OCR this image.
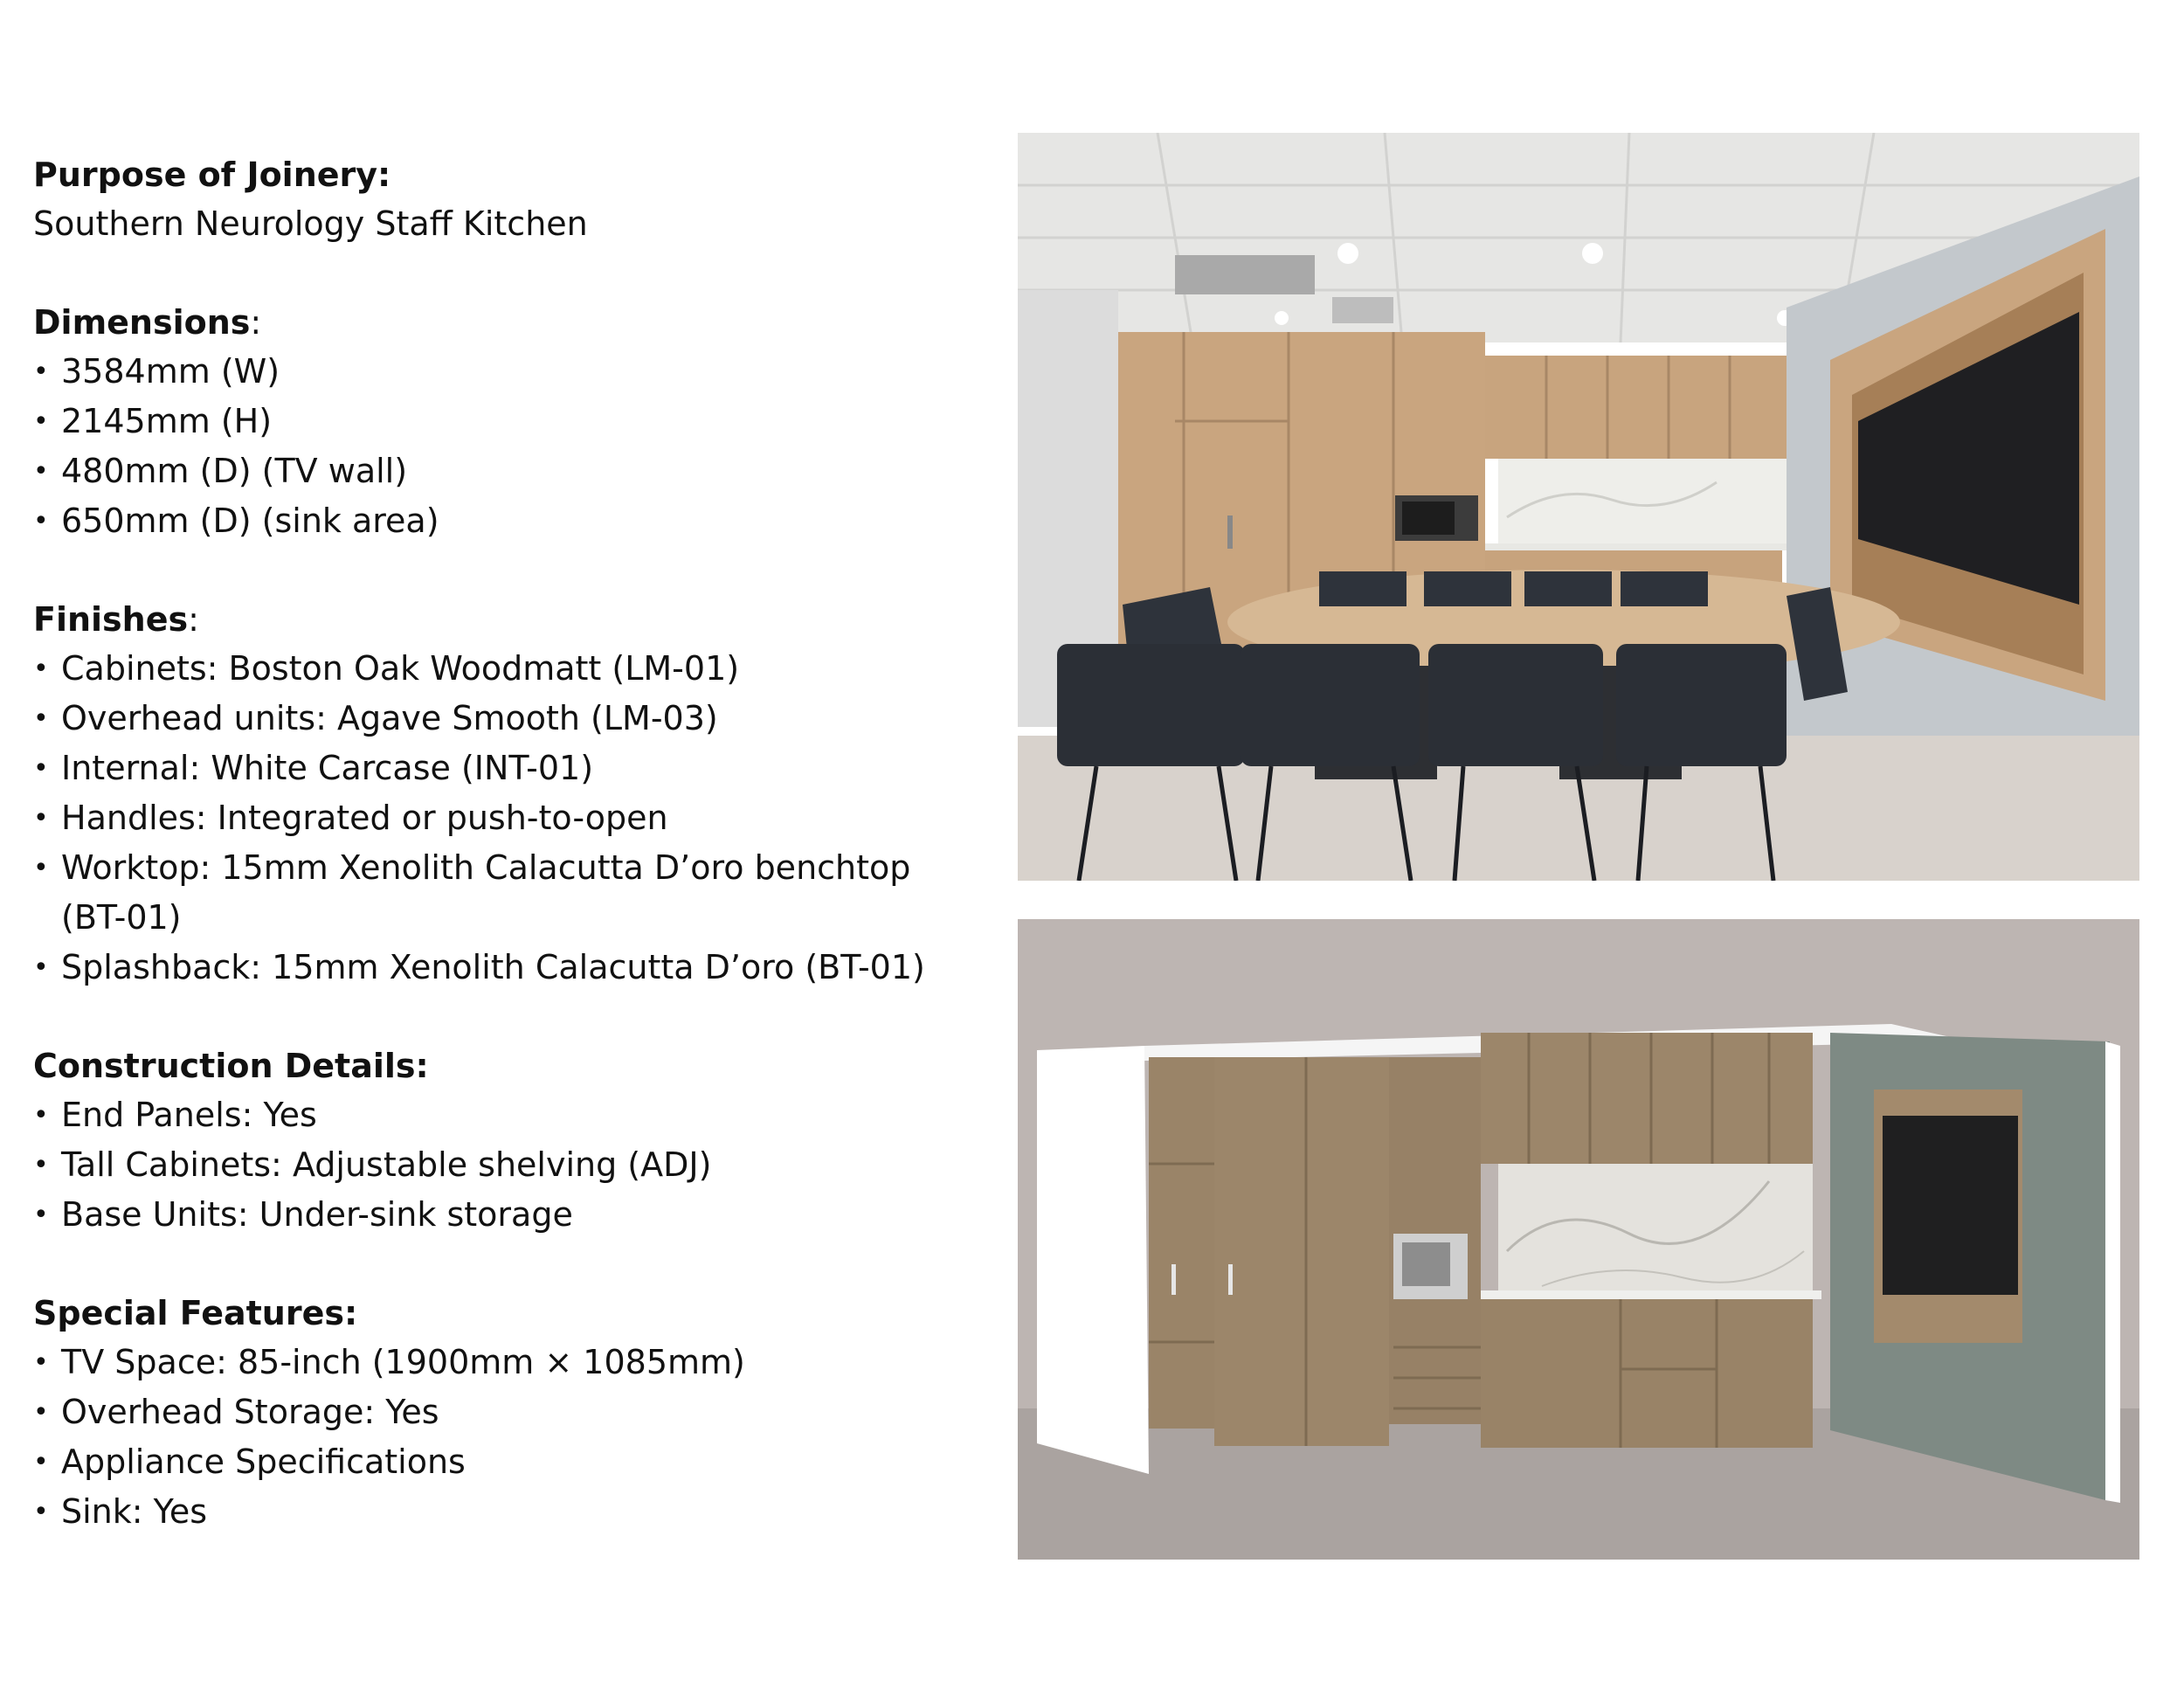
Purpose of Joinery:

Southern Neurology Staff Kitchen

Dimensions:

• 3584mm (W)
• 2145mm (H)
• 480mm (D) (TV wall)
• 650mm (D) (sink area)

Finishes:

• Cabinets: Boston Oak Woodmatt (LM-01)
• Overhead units: Agave Smooth (LM-03)
• Internal: White Carcase (INT-01)
• Handles: Integrated or push-to-open
• Worktop: 15mm Xenolith Calacutta D’oro benchtop
(BT-01)
• Splashback: 15mm Xenolith Calacutta D’oro (BT-01)

Construction Details:

• End Panels: Yes
• Tall Cabinets: Adjustable shelving (ADJ)
• Base Units: Under-sink storage

Special Features:

• TV Space: 85-inch (1900mm × 1085mm)
• Overhead Storage: Yes
• Appliance Specifications
• Sink: Yes
